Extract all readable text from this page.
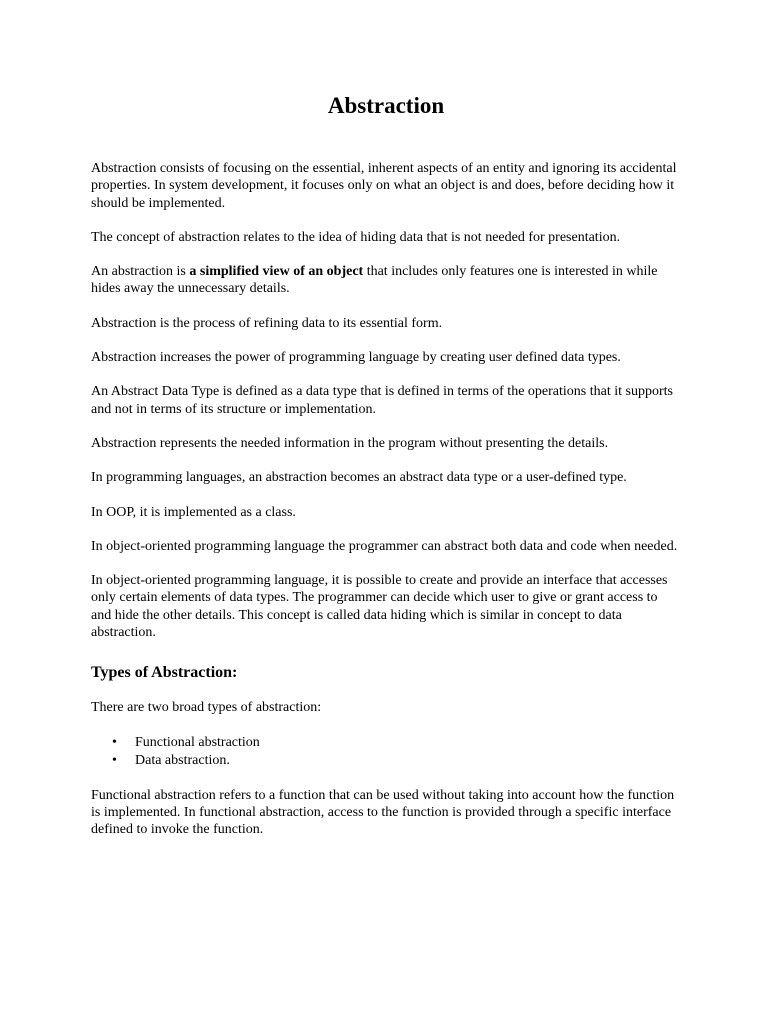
Abstraction

Abstraction consists of focusing on the essential, inherent aspects of an entity and ignoring its accidental properties. In system development, it focuses only on what an object is and does, before deciding how it should be implemented.

The concept of abstraction relates to the idea of hiding data that is not needed for presentation.

An abstraction is a simplified view of an object that includes only features one is interested in while hides away the unnecessary details.

Abstraction is the process of refining data to its essential form.

Abstraction increases the power of programming language by creating user defined data types.

An Abstract Data Type is defined as a data type that is defined in terms of the operations that it supports and not in terms of its structure or implementation.

Abstraction represents the needed information in the program without presenting the details.

In programming languages, an abstraction becomes an abstract data type or a user-defined type.

In OOP, it is implemented as a class.

In object-oriented programming language the programmer can abstract both data and code when needed.

In object-oriented programming language, it is possible to create and provide an interface that accesses only certain elements of data types. The programmer can decide which user to give or grant access to and hide the other details. This concept is called data hiding which is similar in concept to data abstraction.

Types of Abstraction:

There are two broad types of abstraction:

• Functional abstraction
• Data abstraction.

Functional abstraction refers to a function that can be used without taking into account how the function is implemented. In functional abstraction, access to the function is provided through a specific interface defined to invoke the function.
